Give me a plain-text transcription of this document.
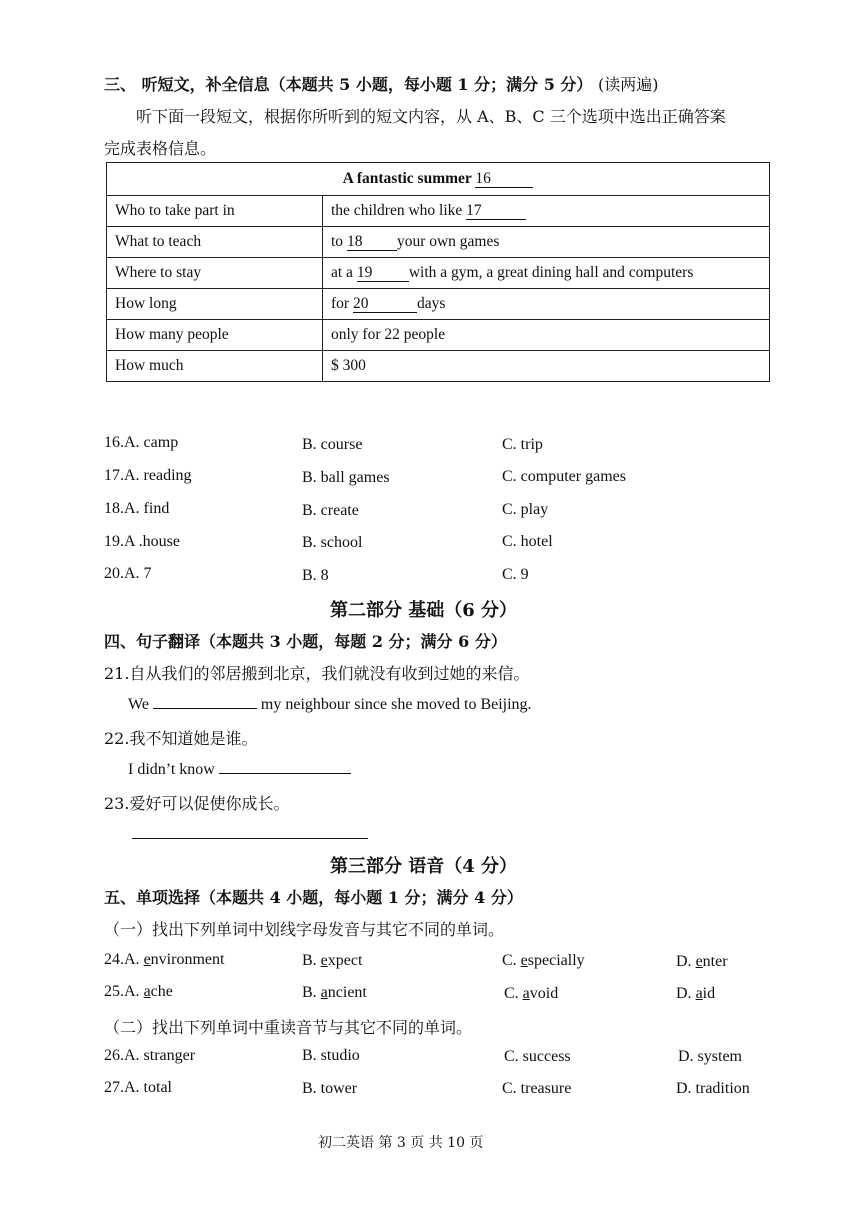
三、 听短文，补全信息（本题共 5 小题，每小题 1 分；满分 5 分） (读两遍)
听下面一段短文，根据你所听到的短文内容，从 A、B、C 三个选项中选出正确答案
完成表格信息。
A fantastic summer 16	
Who to take part in	the children who like 17
What to teach	to 18 your own games
Where to stay	at a 19 with a gym, a great dining hall and computers
How long	for 20 days
How many people	only for 22 people
How much	$ 300
16.A. camp	B. course	C. trip
17.A. reading	B. ball games	C. computer games
18.A. find	B. create	C. play
19.A .house	B. school	C. hotel
20.A. 7	B. 8	C. 9
第二部分 基础（6 分）
四、句子翻译（本题共 3 小题，每题 2 分；满分 6 分）
21.自从我们的邻居搬到北京，我们就没有收到过她的来信。
We	my neighbour since she moved to Beijing.
22.我不知道她是谁。
I didn’t know
23.爱好可以促使你成长。
第三部分 语音（4 分）
五、单项选择（本题共 4 小题，每小题 1 分；满分 4 分）
（一）找出下列单词中划线字母发音与其它不同的单词。
24.A. environment	B. expect	C. especially	D. enter
25.A. ache	B. ancient	C. avoid	D. aid
（二）找出下列单词中重读音节与其它不同的单词。
26.A. stranger	B. studio	C. success	D. system
27.A. total	B. tower	C. treasure	D. tradition
初二英语 第 3 页 共 10 页
